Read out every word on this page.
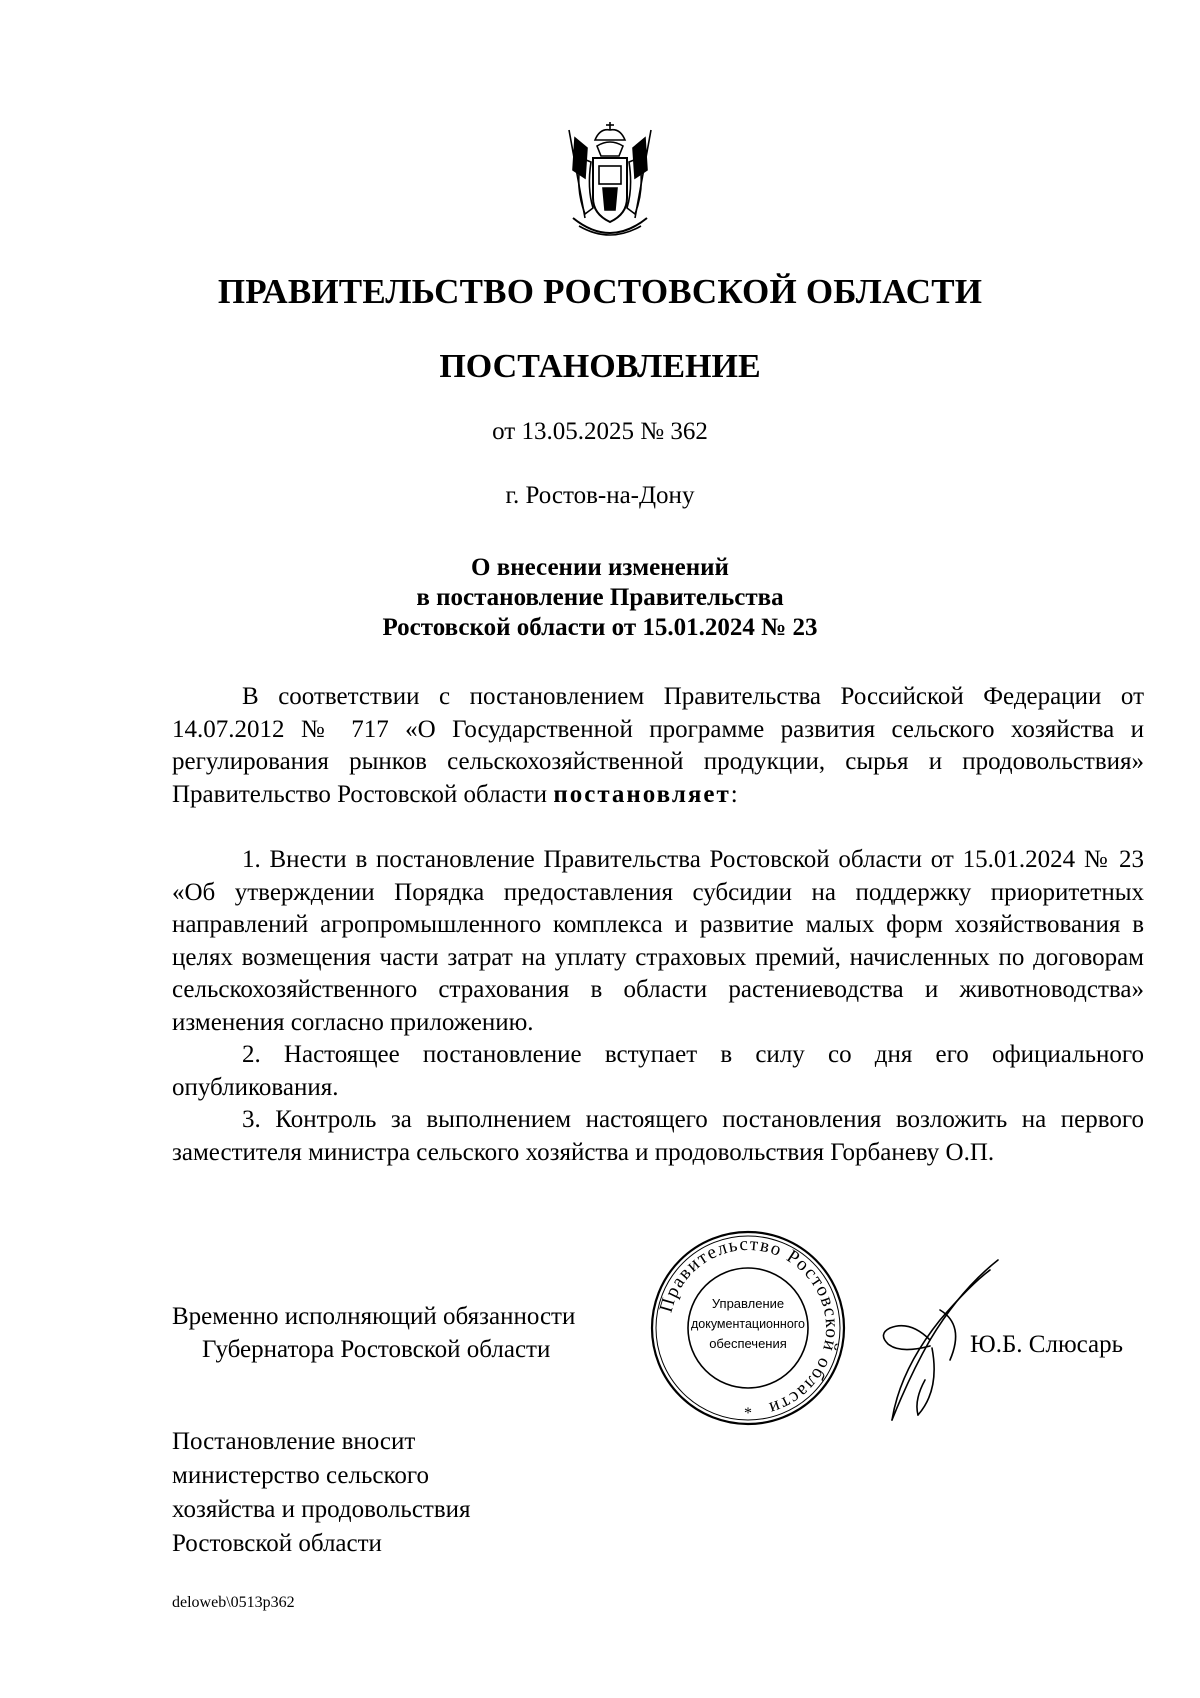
ПРАВИТЕЛЬСТВО РОСТОВСКОЙ ОБЛАСТИ
ПОСТАНОВЛЕНИЕ
от 13.05.2025 № 362
г. Ростов-на-Дону
О внесении изменений
в постановление Правительства
Ростовской области от 15.01.2024 № 23

В соответствии с постановлением Правительства Российской Федерации от 14.07.2012 № 717 «О Государственной программе развития сельского хозяйства и регулирования рынков сельскохозяйственной продукции, сырья и продовольствия» Правительство Ростовской области постановляет:

1. Внести в постановление Правительства Ростовской области от 15.01.2024 № 23 «Об утверждении Порядка предоставления субсидии на поддержку приоритетных направлений агропромышленного комплекса и развитие малых форм хозяйствования в целях возмещения части затрат на уплату страховых премий, начисленных по договорам сельскохозяйственного страхования в области растениеводства и животноводства» изменения согласно приложению.

2. Настоящее постановление вступает в силу со дня его официального опубликования.

3. Контроль за выполнением настоящего постановления возложить на первого заместителя министра сельского хозяйства и продовольствия Горбаневу О.П.

Временно исполняющий обязанности
Губернатора Ростовской области
Правительство Ростовской области
Управление
документационного
обеспечения
*
Ю.Б. Слюсарь
Постановление вносит
министерство сельского
хозяйства и продовольствия
Ростовской области
deloweb\0513p362
